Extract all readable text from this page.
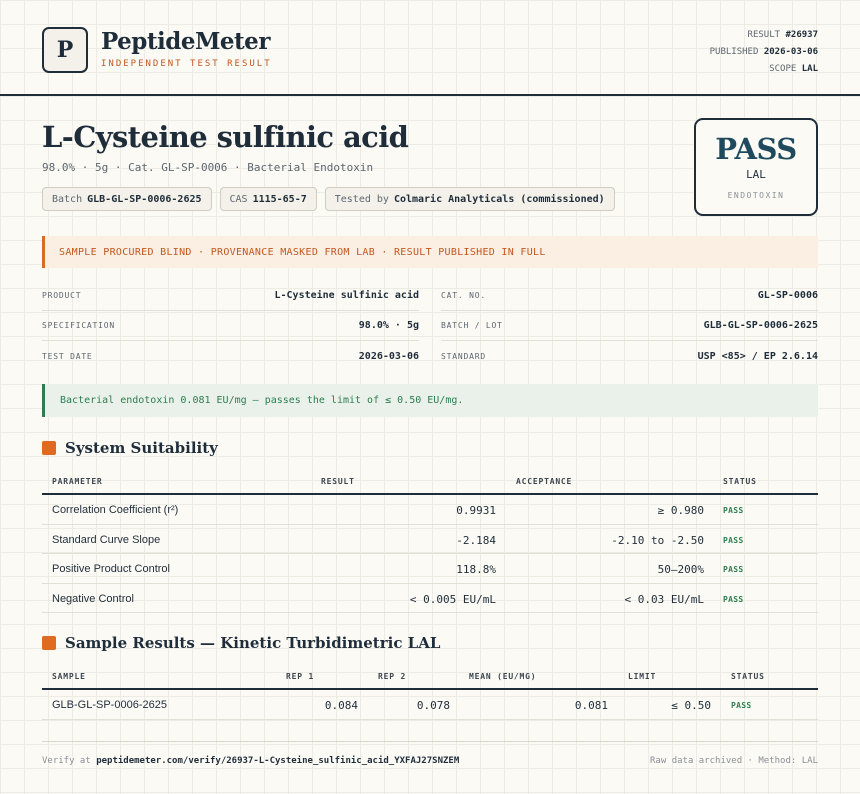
P	PeptideMeter
INDEPENDENT TEST RESULT
RESULT #26937
PUBLISHED 2026-03-06
SCOPE LAL
L-Cysteine sulfinic acid
98.0% · 5g · Cat. GL-SP-0006 · Bacterial Endotoxin
Batch GLB-GL-SP-0006-2625	CAS 1115-65-7	Tested by Colmaric Analyticals (commissioned)
PASS
LAL
ENDOTOXIN
SAMPLE PROCURED BLIND · PROVENANCE MASKED FROM LAB · RESULT PUBLISHED IN FULL
PRODUCT	L-Cysteine sulfinic acid
SPECIFICATION	98.0% · 5g
TEST DATE	2026-03-06
CAT. NO.	GL-SP-0006
BATCH / LOT	GLB-GL-SP-0006-2625
STANDARD	USP <85> / EP 2.6.14
Bacterial endotoxin 0.081 EU/mg — passes the limit of ≤ 0.50 EU/mg.
System Suitability
PARAMETER	RESULT	ACCEPTANCE	STATUS
Correlation Coefficient (r²)	0.9931	≥ 0.980 PASS
Standard Curve Slope	-2.184	-2.10 to -2.50 PASS
Positive Product Control	118.8%	50–200% PASS
Negative Control	< 0.005 EU/mL	< 0.03 EU/mL PASS
Sample Results — Kinetic Turbidimetric LAL
SAMPLE	REP 1	REP 2	MEAN (EU/MG)	LIMIT	STATUS
GLB-GL-SP-0006-2625	0.084	0.078	0.081	≤ 0.50	PASS
Verify at peptidemeter.com/verify/26937-L-Cysteine_sulfinic_acid_YXFAJ27SNZEM	Raw data archived · Method: LAL
